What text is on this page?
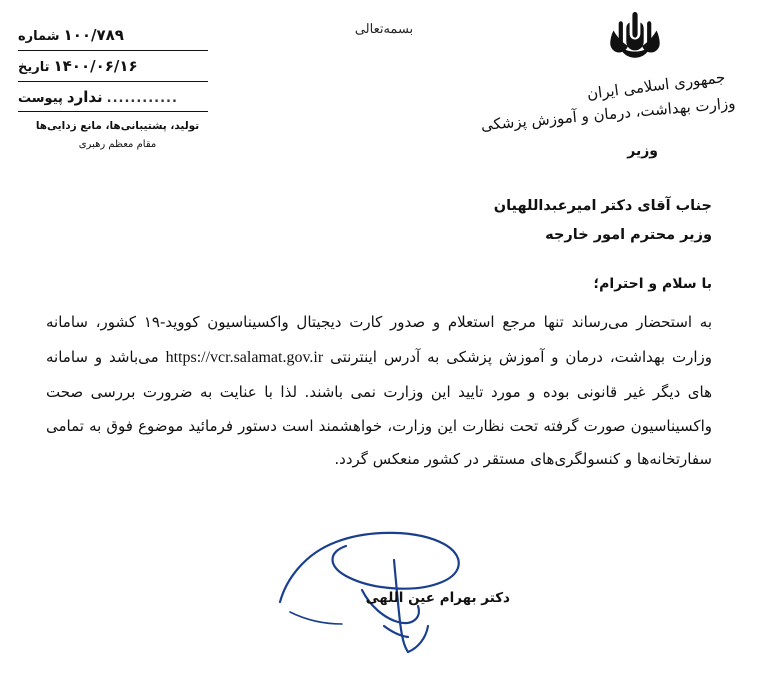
شماره ۱۰۰/۷۸۹
تاریخ ۱۴۰۰/۰۶/۱۶
پیوست ندارد ............
تولید، پشتیبانی‌ها، مانع زدایی‌ها
مقام معظم رهبری
بسمه‌تعالی
جمهوری اسلامی ایران
وزارت بهداشت، درمان و آموزش پزشکی
وزیر
جناب آقای دکتر امیرعبداللهیان
وزیر محترم امور خارجه
با سلام و احترام؛

به استحضار می‌رساند تنها مرجع استعلام و صدور کارت دیجیتال واکسیناسیون کووید-۱۹ کشور، سامانه وزارت بهداشت، درمان و آموزش پزشکی به آدرس اینترنتی https://vcr.salamat.gov.ir می‌باشد و سامانه های دیگر غیر قانونی بوده و مورد تایید این وزارت نمی باشند. لذا با عنایت به ضرورت بررسی صحت واکسیناسیون صورت گرفته تحت نظارت این وزارت، خواهشمند است دستور فرمائید موضوع فوق به تمامی سفارتخانه‌ها و کنسولگری‌های مستقر در کشور منعکس گردد.

دکتر بهرام عین اللهی
